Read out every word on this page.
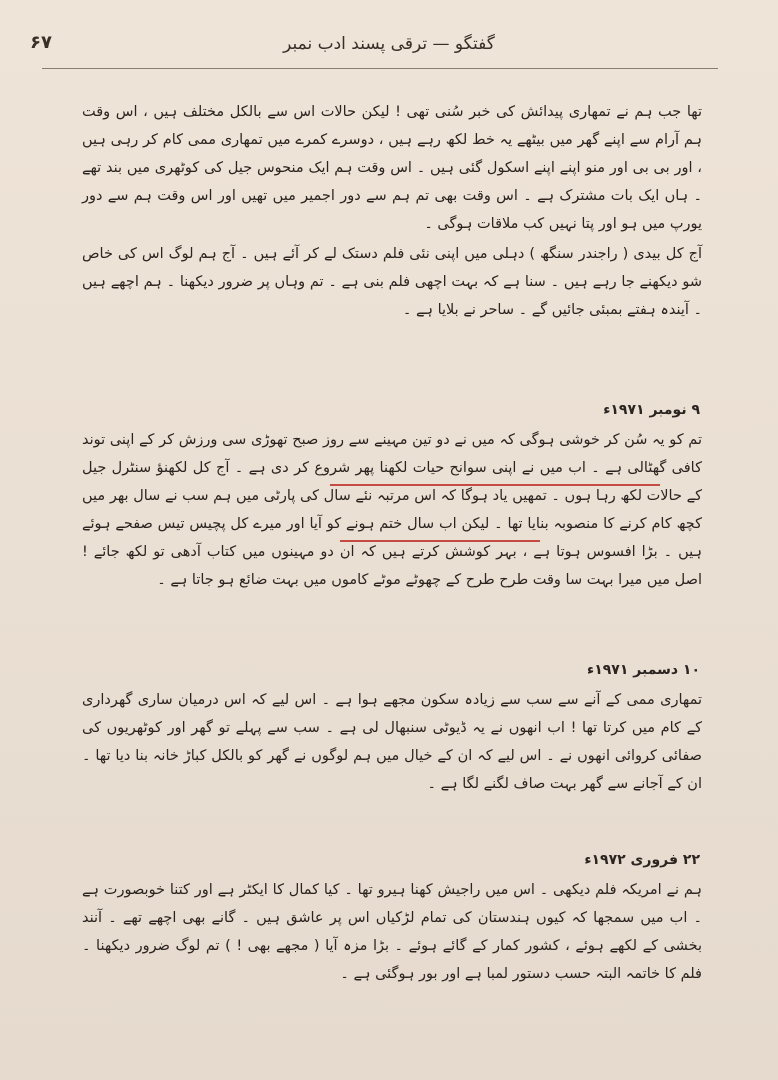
۶۷	گفتگو — ترقی پسند ادب نمبر

تھا جب ہم نے تمھاری پیدائش کی خبر سُنی تھی ! لیکن حالات اس سے بالکل مختلف ہیں ، اس وقت ہم آرام سے اپنے گھر میں بیٹھے یہ خط لکھ رہے ہیں ، دوسرے کمرے میں تمھاری ممی کام کر رہی ہیں ، اور بی بی اور منو اپنے اپنے اسکول گئی ہیں ۔ اس وقت ہم ایک منحوس جیل کی کوٹھری میں بند تھے ۔ ہاں ایک بات مشترک ہے ۔ اس وقت بھی تم ہم سے دور اجمیر میں تھیں اور اس وقت ہم سے دور یورپ میں ہو اور پتا نہیں کب ملاقات ہوگی ۔

آج کل بیدی ( راجندر سنگھ ) دہلی میں اپنی نئی فلم دستک لے کر آئے ہیں ۔ آج ہم لوگ اس کی خاص شو دیکھنے جا رہے ہیں ۔ سنا ہے کہ بہت اچھی فلم بنی ہے ۔ تم وہاں پر ضرور دیکھنا ۔ ہم اچھے ہیں ۔ آیندہ ہفتے بمبئی جائیں گے ۔ ساحر نے بلایا ہے ۔

۹ نومبر ۱۹۷۱ء

تم کو یہ سُن کر خوشی ہوگی کہ میں نے دو تین مہینے سے روز صبح تھوڑی سی ورزش کر کے اپنی توند کافی گھٹالی ہے ۔ اب میں نے اپنی سوانح حیات لکھنا پھر شروع کر دی ہے ۔ آج کل لکھنؤ سنٹرل جیل کے حالات لکھ رہا ہوں ۔ تمھیں یاد ہوگا کہ اس مرتبہ نئے سال کی پارٹی میں ہم سب نے سال بھر میں کچھ کام کرنے کا منصوبہ بنایا تھا ۔ لیکن اب سال ختم ہونے کو آیا اور میرے کل پچیس تیس صفحے ہوئے ہیں ۔ بڑا افسوس ہوتا ہے ، بہر کوشش کرتے ہیں کہ ان دو مہینوں میں کتاب آدھی تو لکھ جائے ! اصل میں میرا بہت سا وقت طرح طرح کے چھوٹے موٹے کاموں میں بہت ضائع ہو جاتا ہے ۔

۱۰ دسمبر ۱۹۷۱ء

تمھاری ممی کے آنے سے سب سے زیادہ سکون مجھے ہوا ہے ۔ اس لیے کہ اس درمیان ساری گھرداری کے کام میں کرتا تھا ! اب انھوں نے یہ ڈیوٹی سنبھال لی ہے ۔ سب سے پہلے تو گھر اور کوٹھریوں کی صفائی کروائی انھوں نے ۔ اس لیے کہ ان کے خیال میں ہم لوگوں نے گھر کو بالکل کباڑ خانہ بنا دیا تھا ۔ ان کے آجانے سے گھر بہت صاف لگنے لگا ہے ۔

۲۲ فروری ۱۹۷۲ء

ہم نے امریکہ فلم دیکھی ۔ اس میں راجیش کھنا ہیرو تھا ۔ کیا کمال کا ایکٹر ہے اور کتنا خوبصورت ہے ۔ اب میں سمجھا کہ کیوں ہندستان کی تمام لڑکیاں اس پر عاشق ہیں ۔ گانے بھی اچھے تھے ۔ آنند بخشی کے لکھے ہوئے ، کشور کمار کے گائے ہوئے ۔ بڑا مزہ آیا ( مجھے بھی ! ) تم لوگ ضرور دیکھنا ۔ فلم کا خاتمہ البتہ حسب دستور لمبا ہے اور بور ہوگئی ہے ۔
